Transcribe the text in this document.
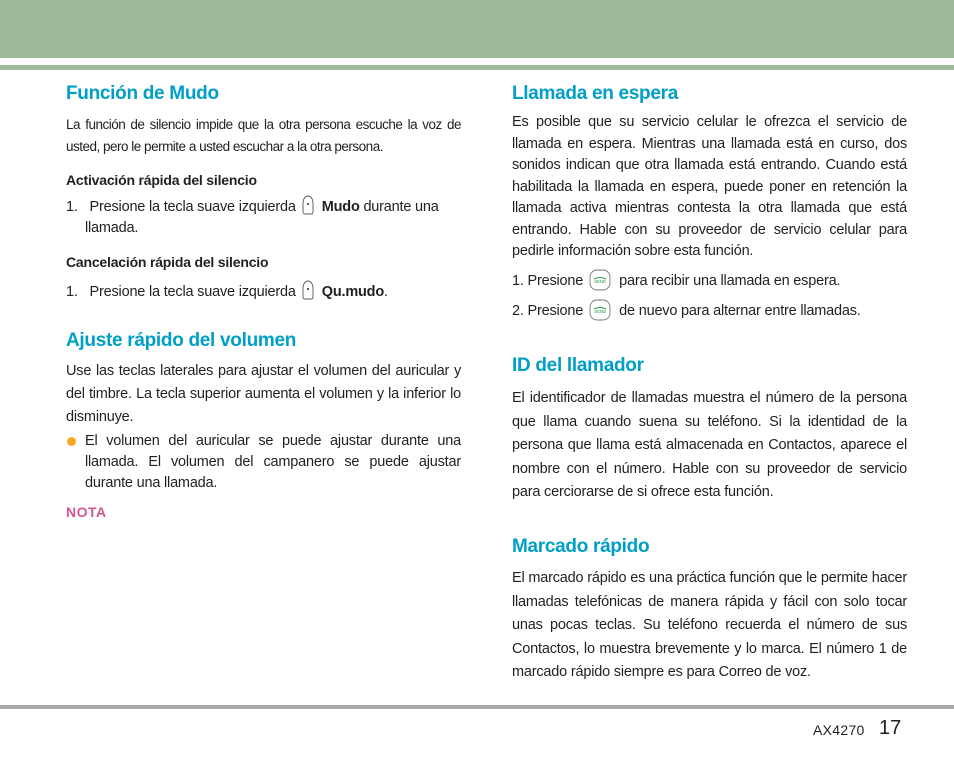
Función de Mudo

La función de silencio impide que la otra persona escuche la voz de usted, pero le permite a usted escuchar a la otra persona.

Activación rápida del silencio

1. Presione la tecla suave izquierda Mudo durante una

llamada.

Cancelación rápida del silencio

1. Presione la tecla suave izquierda Qu.mudo.

Ajuste rápido del volumen

Use las teclas laterales para ajustar el volumen del auricular y del timbre. La tecla superior aumenta el volumen y la inferior lo disminuye.

El volumen del auricular se puede ajustar durante una llamada. El volumen del campanero se puede ajustar durante una llamada.

NOTA

Llamada en espera

Es posible que su servicio celular le ofrezca el servicio de llamada en espera. Mientras una llamada está en curso, dos sonidos indican que otra llamada está entrando. Cuando está habilitada la llamada en espera, puede poner en retención la llamada activa mientras contesta la otra llamada que está entrando. Hable con su proveedor de servicio celular para pedirle información sobre esta función.

1. Presione SEND para recibir una llamada en espera.

2. Presione SEND de nuevo para alternar entre llamadas.

ID del llamador

El identificador de llamadas muestra el número de la persona que llama cuando suena su teléfono. Si la identidad de la persona que llama está almacenada en Contactos, aparece el nombre con el número. Hable con su proveedor de servicio para cerciorarse de si ofrece esta función.

Marcado rápido

El marcado rápido es una práctica función que le permite hacer llamadas telefónicas de manera rápida y fácil con solo tocar unas pocas teclas. Su teléfono recuerda el número de sus Contactos, lo muestra brevemente y lo marca. El número 1 de marcado rápido siempre es para Correo de voz.

AX4270 17
